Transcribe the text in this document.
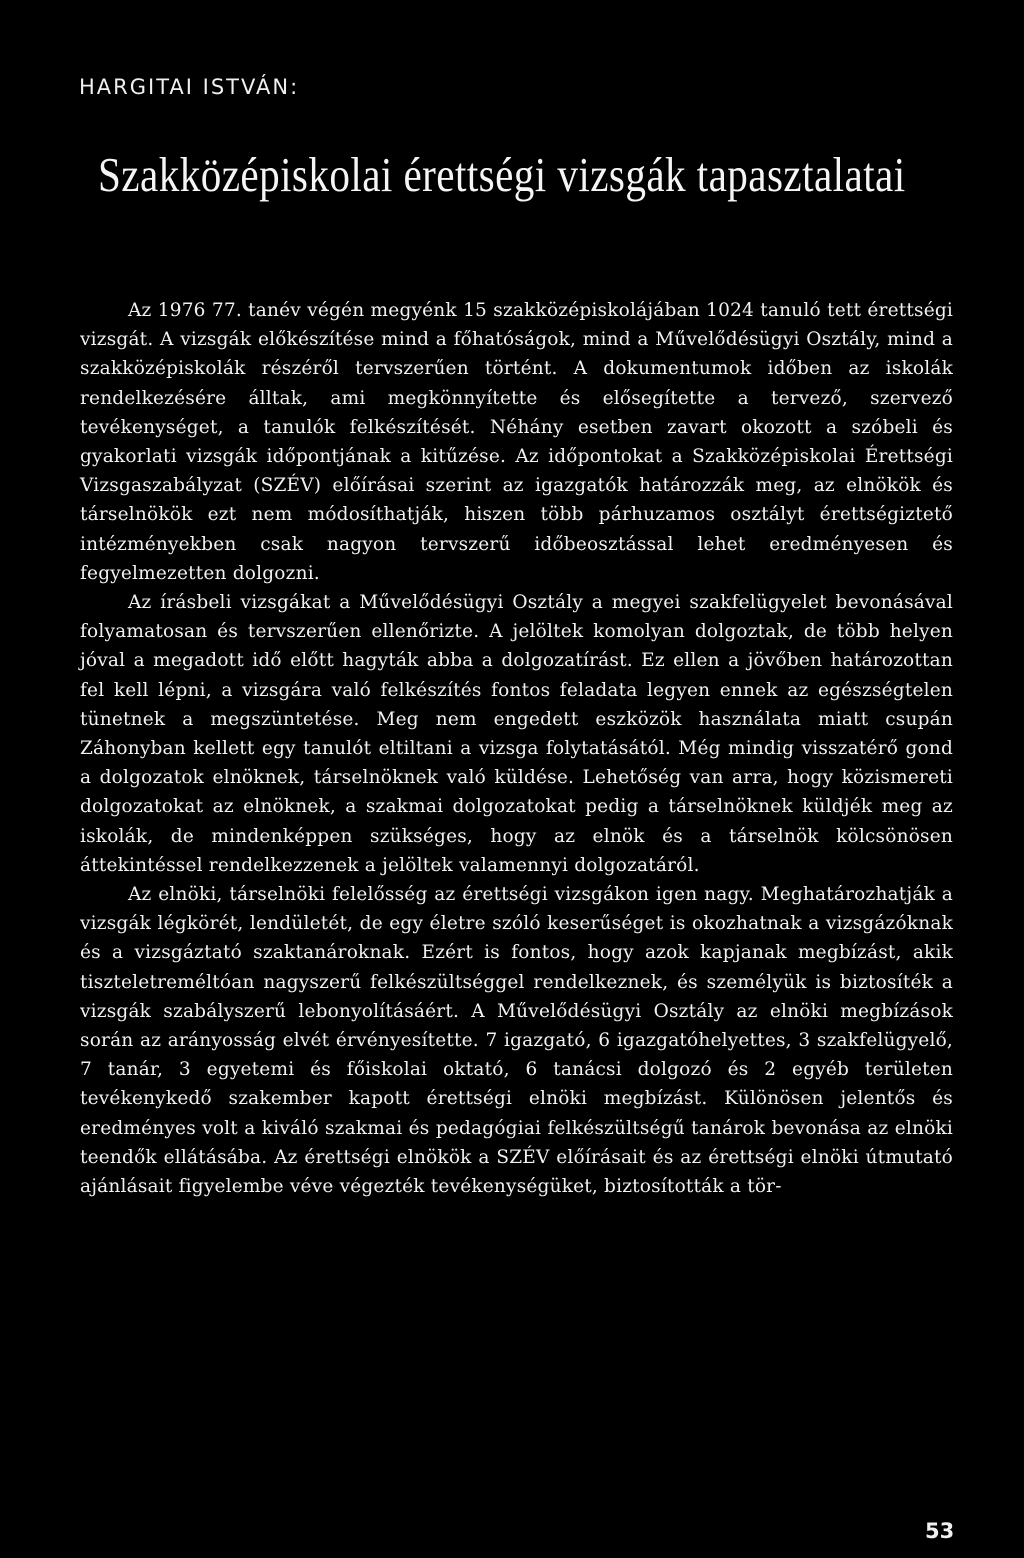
HARGITAI ISTVÁN:
Szakközépiskolai érettségi vizsgák tapasztalatai

Az 1976 77. tanév végén megyénk 15 szakközépiskolájában 1024 tanuló tett érettségi vizsgát. A vizsgák előkészítése mind a főhatóságok, mind a Művelődésügyi Osztály, mind a szakközépiskolák részéről tervszerűen történt. A dokumentumok időben az iskolák rendelkezésére álltak, ami megkönnyítette és elősegítette a tervező, szervező tevékenységet, a tanulók felkészítését. Néhány esetben zavart okozott a szóbeli és gyakorlati vizsgák időpontjának a kitűzése. Az időpontokat a Szakközépiskolai Érettségi Vizsgaszabályzat (SZÉV) előírásai szerint az igazgatók határozzák meg, az elnökök és társelnökök ezt nem módosíthatják, hiszen több párhuzamos osztályt érettségiztető intézményekben csak nagyon tervszerű időbeosztással lehet eredményesen és fegyelmezetten dolgozni.

Az írásbeli vizsgákat a Művelődésügyi Osztály a megyei szakfelügyelet bevonásával folyamatosan és tervszerűen ellenőrizte. A jelöltek komolyan dolgoztak, de több helyen jóval a megadott idő előtt hagyták abba a dolgozatírást. Ez ellen a jövőben határozottan fel kell lépni, a vizsgára való felkészítés fontos feladata legyen ennek az egészségtelen tünetnek a megszüntetése. Meg nem engedett eszközök használata miatt csupán Záhonyban kellett egy tanulót eltiltani a vizsga folytatásától. Még mindig visszatérő gond a dolgozatok elnöknek, társelnöknek való küldése. Lehetőség van arra, hogy közismereti dolgozatokat az elnöknek, a szakmai dolgozatokat pedig a társelnöknek küldjék meg az iskolák, de mindenképpen szükséges, hogy az elnök és a társelnök kölcsönösen áttekintéssel rendelkezzenek a jelöltek valamennyi dolgozatáról.

Az elnöki, társelnöki felelősség az érettségi vizsgákon igen nagy. Meghatározhatják a vizsgák légkörét, lendületét, de egy életre szóló keserűséget is okozhatnak a vizsgázóknak és a vizsgáztató szaktanároknak. Ezért is fontos, hogy azok kapjanak megbízást, akik tiszteletreméltóan nagyszerű felkészültséggel rendelkeznek, és személyük is biztosíték a vizsgák szabályszerű lebonyolításáért. A Művelődésügyi Osztály az elnöki megbízások során az arányosság elvét érvényesítette. 7 igazgató, 6 igazgatóhelyettes, 3 szakfelügyelő, 7 tanár, 3 egyetemi és főiskolai oktató, 6 tanácsi dolgozó és 2 egyéb területen tevékenykedő szakember kapott érettségi elnöki megbízást. Különösen jelentős és eredményes volt a kiváló szakmai és pedagógiai felkészültségű tanárok bevonása az elnöki teendők ellátásába. Az érettségi elnökök a SZÉV előírásait és az érettségi elnöki útmutató ajánlásait figyelembe véve végezték tevékenységüket, biztosították a tör-

53
